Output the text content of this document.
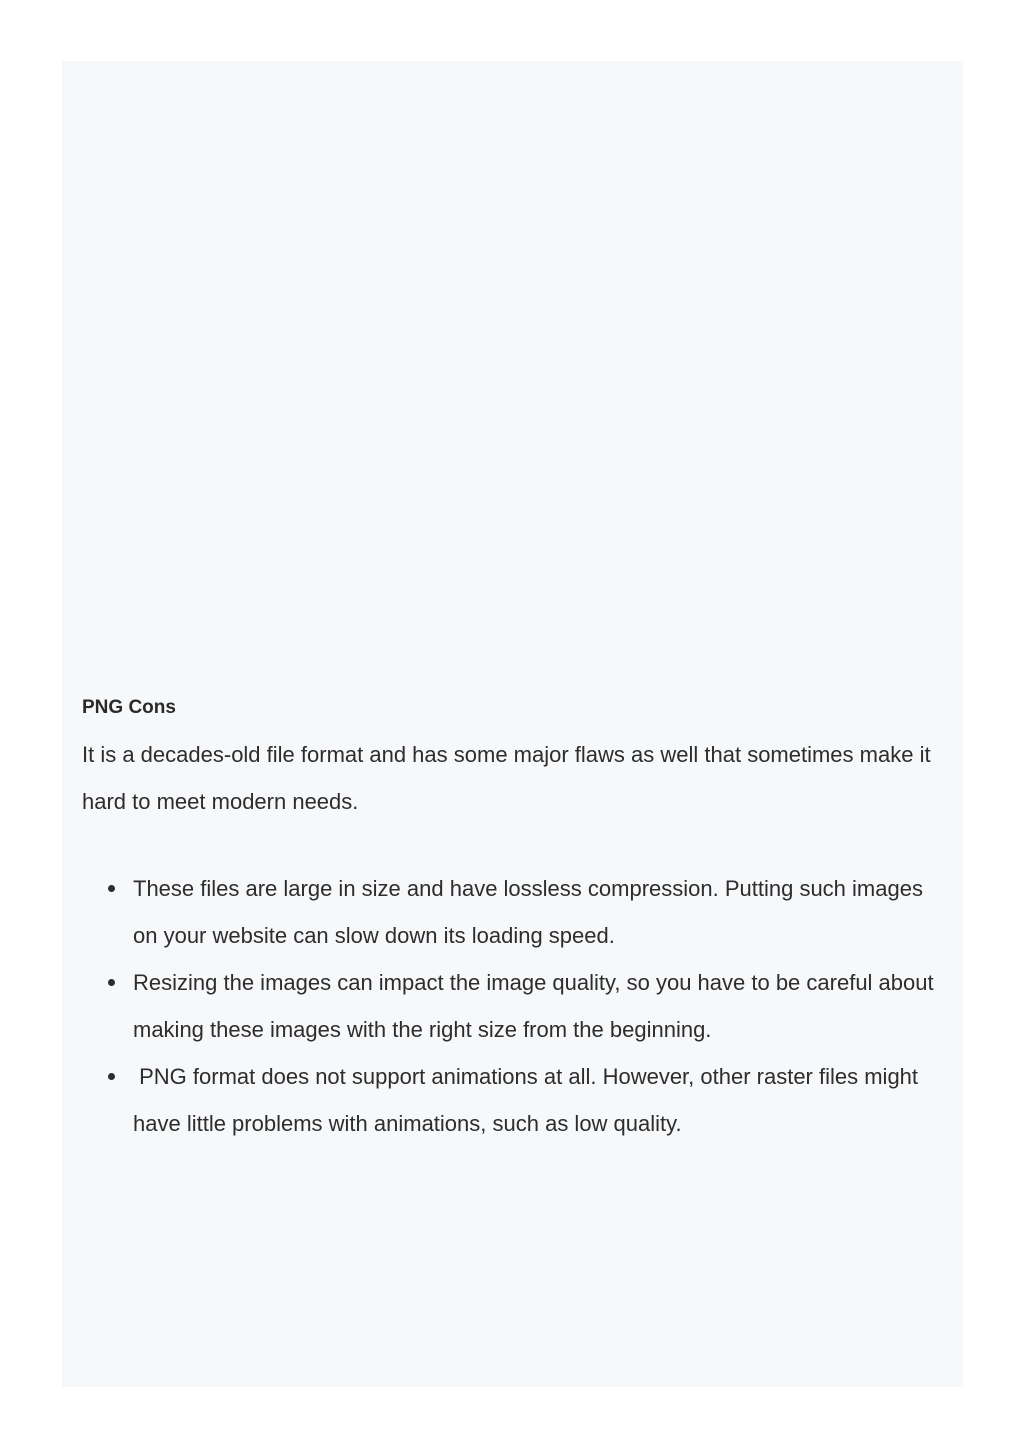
PNG Cons

It is a decades-old file format and has some major flaws as well that sometimes make it hard to meet modern needs.

These files are large in size and have lossless compression. Putting such images on your website can slow down its loading speed.
Resizing the images can impact the image quality, so you have to be careful about making these images with the right size from the beginning.
PNG format does not support animations at all. However, other raster files might have little problems with animations, such as low quality.
